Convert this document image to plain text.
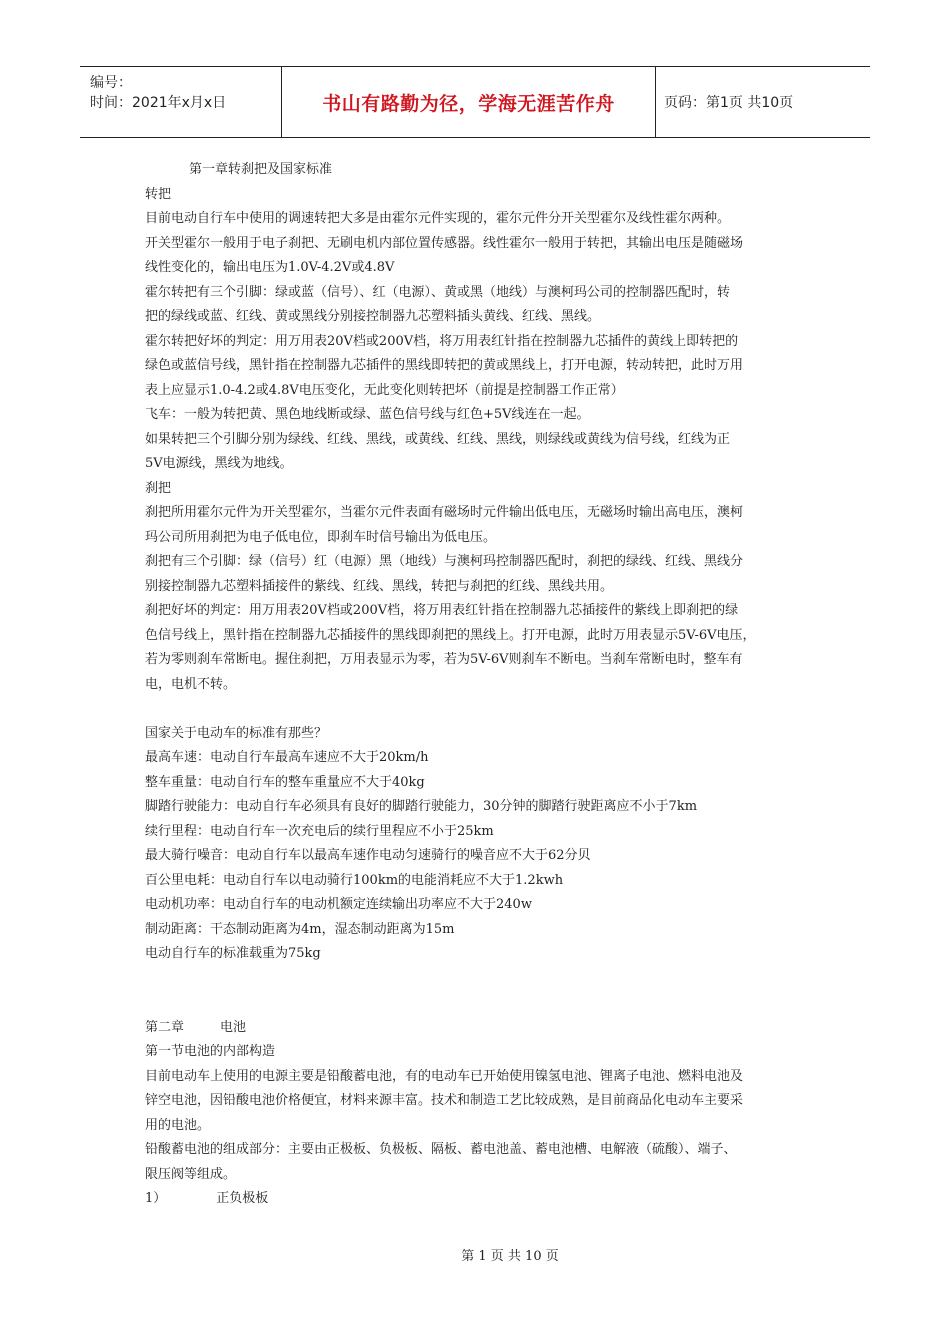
编号：
时间：2021年x月x日	书山有路勤为径，学海无涯苦作舟	页码：第1页 共10页
第一章转刹把及国家标准
转把
目前电动自行车中使用的调速转把大多是由霍尔元件实现的，霍尔元件分开关型霍尔及线性霍尔两种。
开关型霍尔一般用于电子刹把、无刷电机内部位置传感器。线性霍尔一般用于转把，其输出电压是随磁场
线性变化的，输出电压为1.0V-4.2V或4.8V
霍尔转把有三个引脚：绿或蓝（信号）、红（电源）、黄或黑（地线）与澳柯玛公司的控制器匹配时，转
把的绿线或蓝、红线、黄或黑线分别接控制器九芯塑料插头黄线、红线、黑线。
霍尔转把好坏的判定：用万用表20V档或200V档，将万用表红针指在控制器九芯插件的黄线上即转把的
绿色或蓝信号线，黑针指在控制器九芯插件的黑线即转把的黄或黑线上，打开电源，转动转把，此时万用
表上应显示1.0-4.2或4.8V电压变化，无此变化则转把坏（前提是控制器工作正常）
飞车：一般为转把黄、黑色地线断或绿、蓝色信号线与红色+5V线连在一起。
如果转把三个引脚分别为绿线、红线、黑线，或黄线、红线、黑线，则绿线或黄线为信号线，红线为正
5V电源线，黑线为地线。
刹把
刹把所用霍尔元件为开关型霍尔，当霍尔元件表面有磁场时元件输出低电压，无磁场时输出高电压，澳柯
玛公司所用刹把为电子低电位，即刹车时信号输出为低电压。
刹把有三个引脚：绿（信号）红（电源）黑（地线）与澳柯玛控制器匹配时，刹把的绿线、红线、黑线分
别接控制器九芯塑料插接件的紫线、红线、黑线，转把与刹把的红线、黑线共用。
刹把好坏的判定：用万用表20V档或200V档，将万用表红针指在控制器九芯插接件的紫线上即刹把的绿
色信号线上，黑针指在控制器九芯插接件的黑线即刹把的黑线上。打开电源，此时万用表显示5V-6V电压，
若为零则刹车常断电。握住刹把，万用表显示为零，若为5V-6V则刹车不断电。当刹车常断电时，整车有
电，电机不转。
国家关于电动车的标准有那些？
最高车速：电动自行车最高车速应不大于20km/h
整车重量：电动自行车的整车重量应不大于40kg
脚踏行驶能力：电动自行车必须具有良好的脚踏行驶能力，30分钟的脚踏行驶距离应不小于7km
续行里程：电动自行车一次充电后的续行里程应不小于25km
最大骑行噪音：电动自行车以最高车速作电动匀速骑行的噪音应不大于62分贝
百公里电耗：电动自行车以电动骑行100km的电能消耗应不大于1.2kwh
电动机功率：电动自行车的电动机额定连续输出功率应不大于240w
制动距离：干态制动距离为4m，湿态制动距离为15m
电动自行车的标准载重为75kg
第二章	电池
第一节电池的内部构造
目前电动车上使用的电源主要是铅酸蓄电池，有的电动车已开始使用镍氢电池、锂离子电池、燃料电池及
锌空电池，因铅酸电池价格便宜，材料来源丰富。技术和制造工艺比较成熟，是目前商品化电动车主要采
用的电池。
铅酸蓄电池的组成部分：主要由正极板、负极板、隔板、蓄电池盖、蓄电池槽、电解液（硫酸）、端子、
限压阀等组成。
1）	正负极板
第 1 页 共 10 页
